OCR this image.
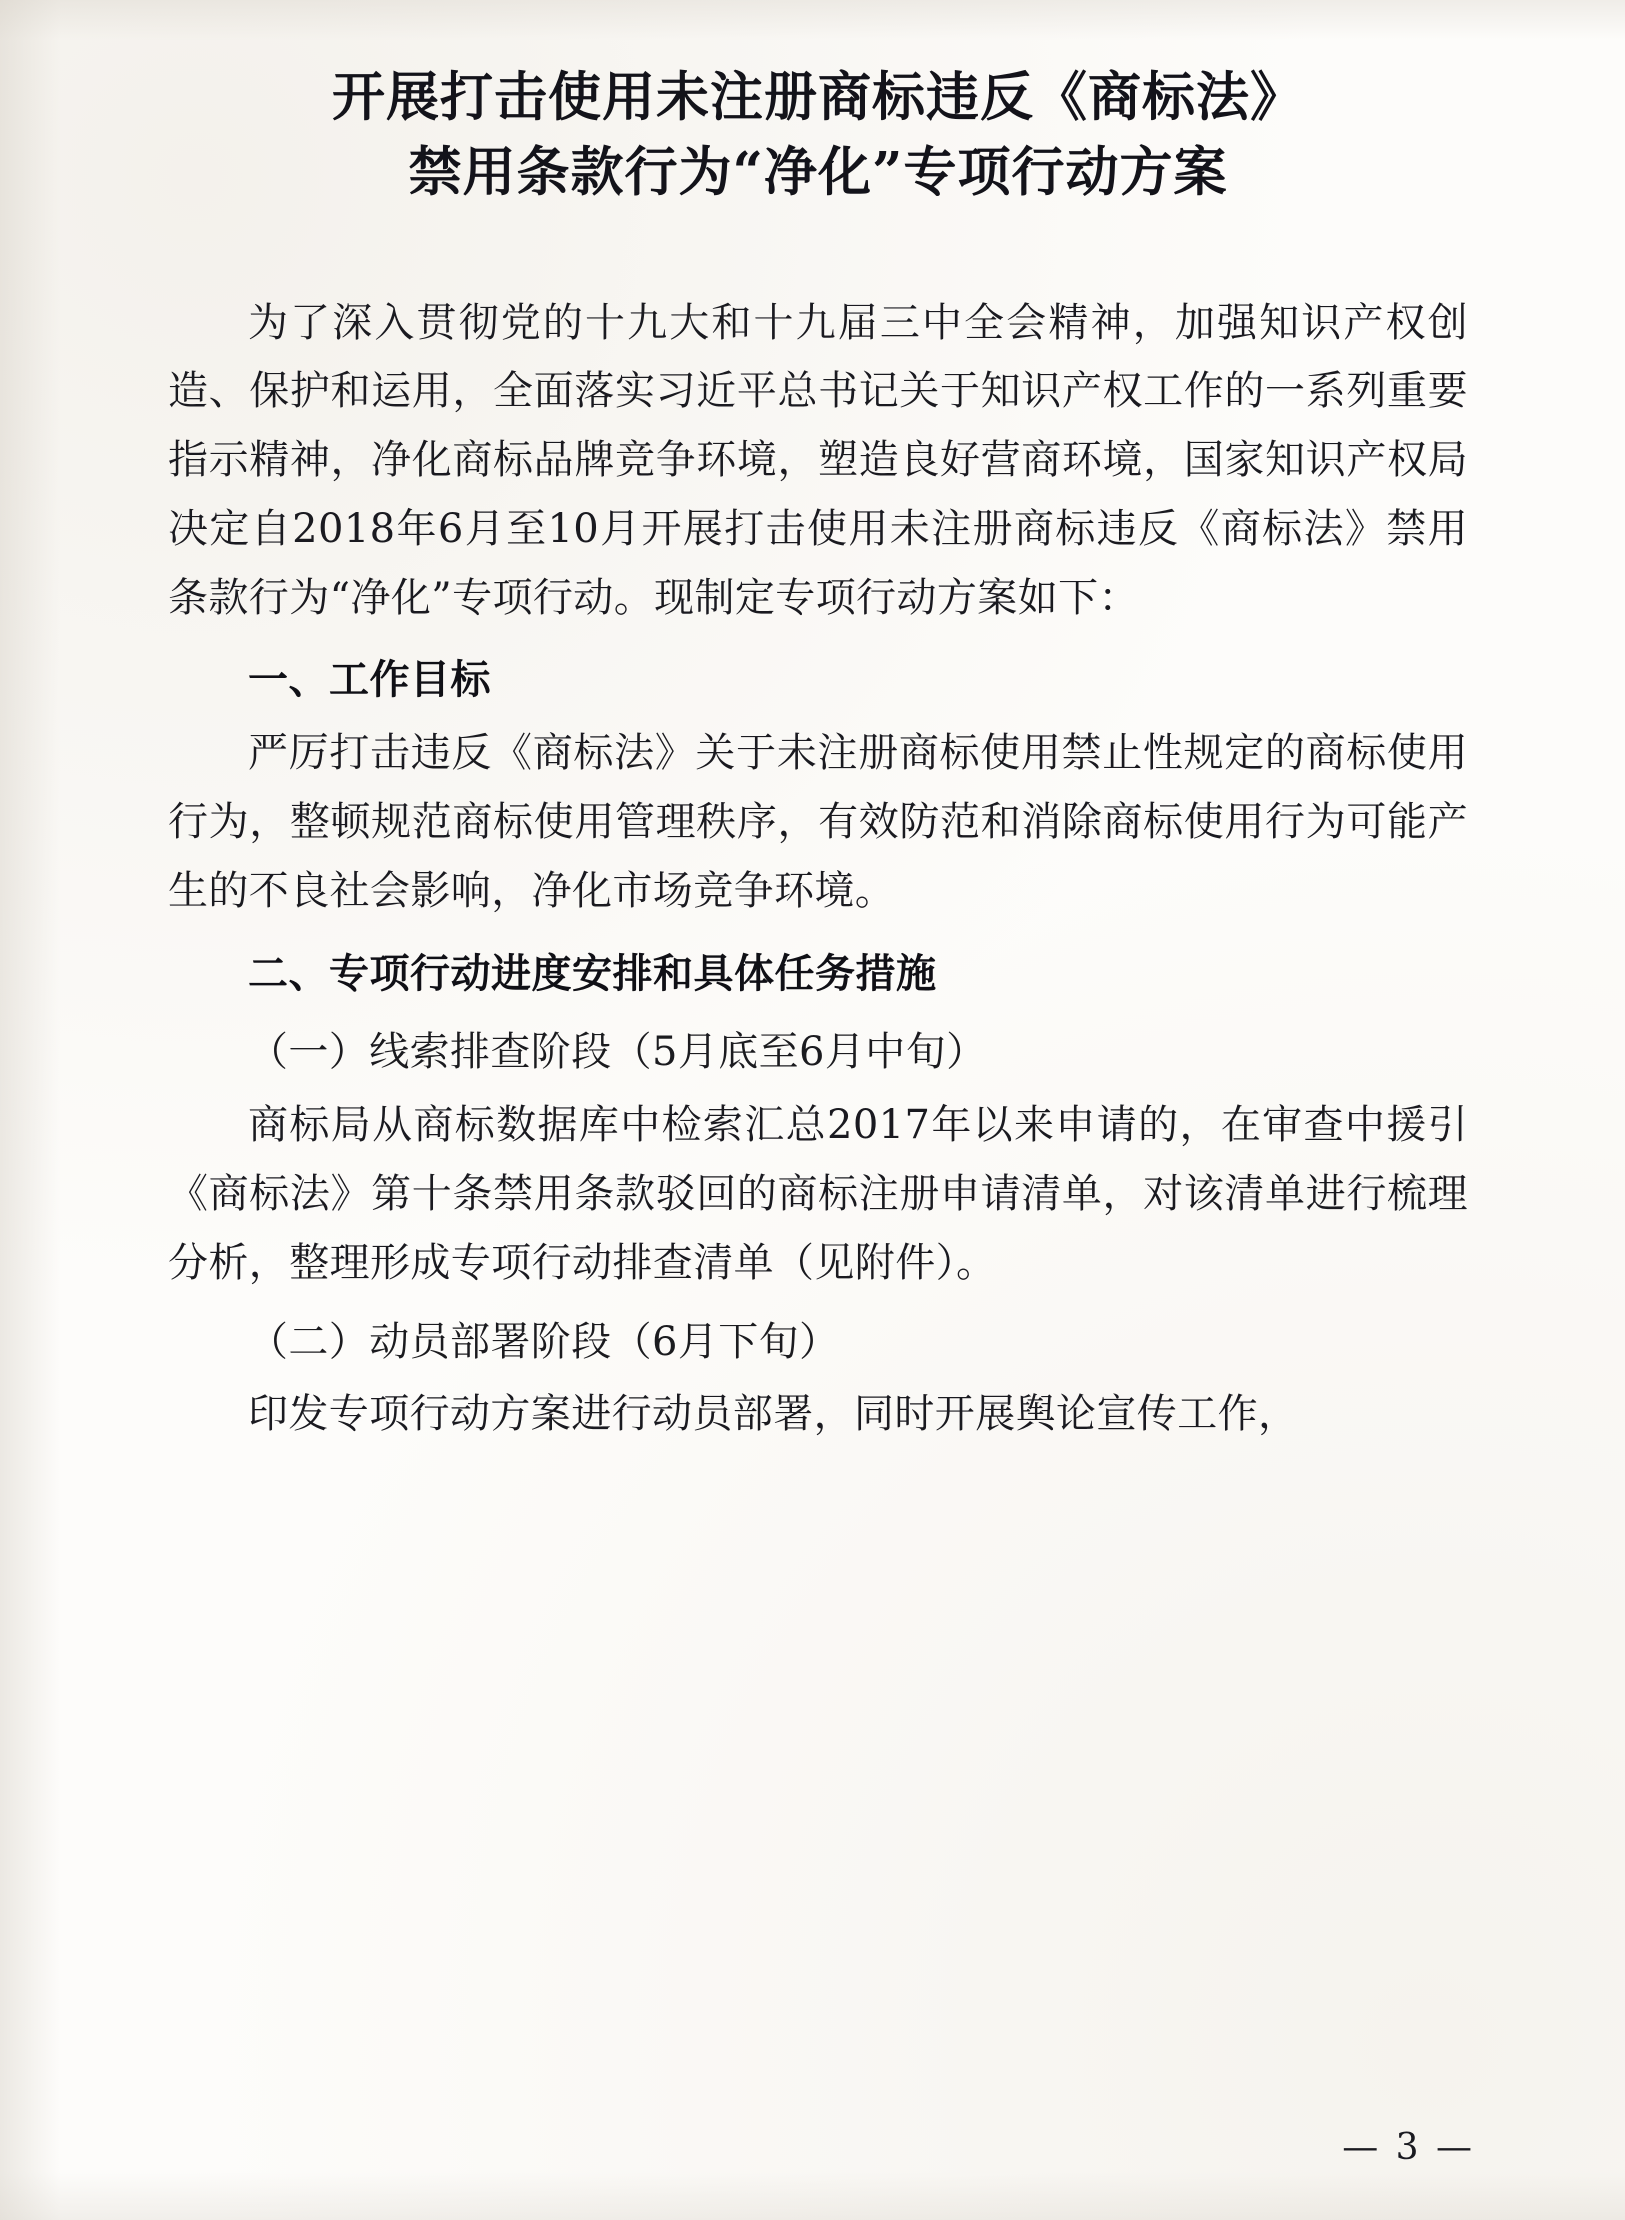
开展打击使用未注册商标违反《商标法》
禁用条款行为“净化”专项行动方案

为了深入贯彻党的十九大和十九届三中全会精神，加强知识产权创造、保护和运用，全面落实习近平总书记关于知识产权工作的一系列重要指示精神，净化商标品牌竞争环境，塑造良好营商环境，国家知识产权局决定自2018年6月至10月开展打击使用未注册商标违反《商标法》禁用条款行为“净化”专项行动。现制定专项行动方案如下：

一、工作目标

严厉打击违反《商标法》关于未注册商标使用禁止性规定的商标使用行为，整顿规范商标使用管理秩序，有效防范和消除商标使用行为可能产生的不良社会影响，净化市场竞争环境。

二、专项行动进度安排和具体任务措施

（一）线索排查阶段（5月底至6月中旬）

商标局从商标数据库中检索汇总2017年以来申请的，在审查中援引《商标法》第十条禁用条款驳回的商标注册申请清单，对该清单进行梳理分析，整理形成专项行动排查清单（见附件）。

（二）动员部署阶段（6月下旬）

印发专项行动方案进行动员部署，同时开展舆论宣传工作，

— 3 —
